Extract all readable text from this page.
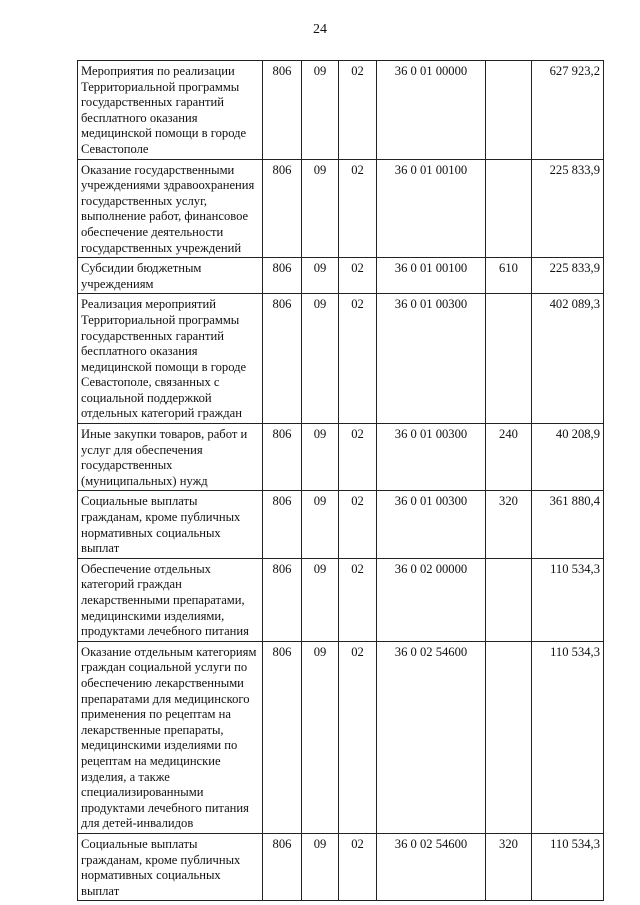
24
Мероприятия по реализации Территориальной программы государственных гарантий бесплатного оказания медицинской помощи в городе Севастополе	806	09	02	36 0 01 00000		627 923,2
Оказание государственными учреждениями здравоохранения государственных услуг, выполнение работ, финансовое обеспечение деятельности государственных учреждений	806	09	02	36 0 01 00100		225 833,9
Субсидии бюджетным учреждениям	806	09	02	36 0 01 00100	610	225 833,9
Реализация мероприятий Территориальной программы государственных гарантий бесплатного оказания медицинской помощи в городе Севастополе, связанных с социальной поддержкой отдельных категорий граждан	806	09	02	36 0 01 00300		402 089,3
Иные закупки товаров, работ и услуг для обеспечения государственных (муниципальных) нужд	806	09	02	36 0 01 00300	240	40 208,9
Социальные выплаты гражданам, кроме публичных нормативных социальных выплат	806	09	02	36 0 01 00300	320	361 880,4
Обеспечение отдельных категорий граждан лекарственными препаратами, медицинскими изделиями, продуктами лечебного питания	806	09	02	36 0 02 00000		110 534,3
Оказание отдельным категориям граждан социальной услуги по обеспечению лекарственными препаратами для медицинского применения по рецептам на лекарственные препараты, медицинскими изделиями по рецептам на медицинские изделия, а также специализированными продуктами лечебного питания для детей-инвалидов	806	09	02	36 0 02 54600		110 534,3
Социальные выплаты гражданам, кроме публичных нормативных социальных выплат	806	09	02	36 0 02 54600	320	110 534,3
